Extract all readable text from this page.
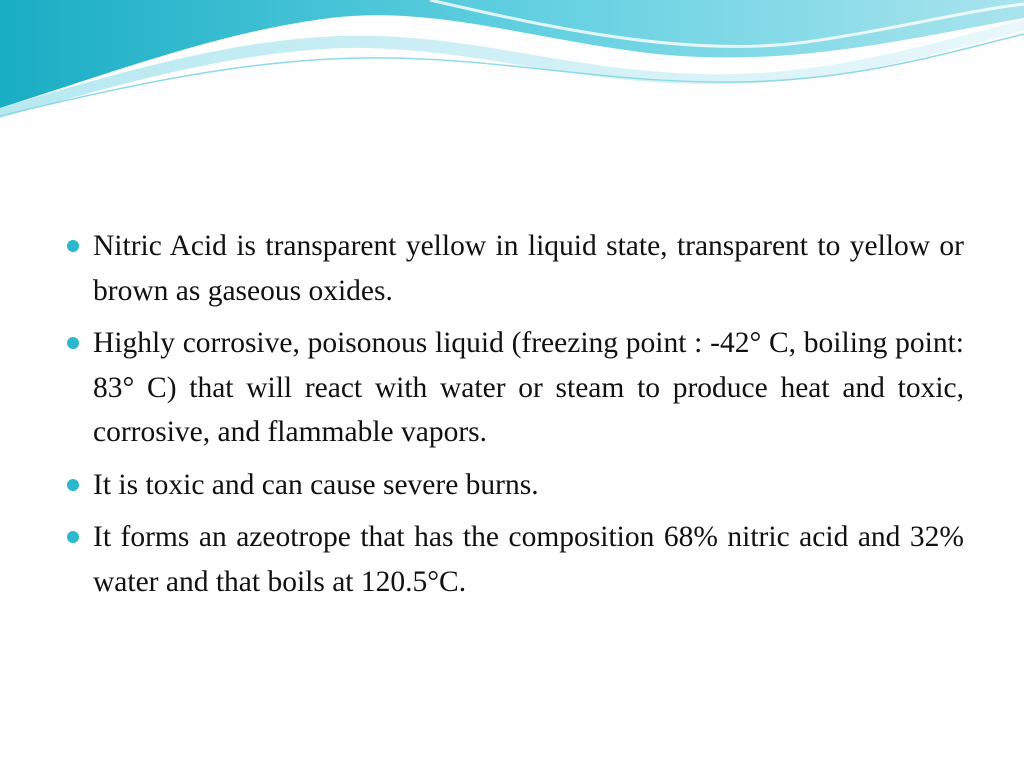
Nitric Acid is transparent yellow in liquid state, transparent to yellow or brown as gaseous oxides.
Highly corrosive, poisonous liquid (freezing point : -42° C, boiling point: 83° C) that will react with water or steam to produce heat and toxic, corrosive, and flammable vapors.
It is toxic and can cause severe burns.
It forms an azeotrope that has the composition 68% nitric acid and 32% water and that boils at 120.5°C.
